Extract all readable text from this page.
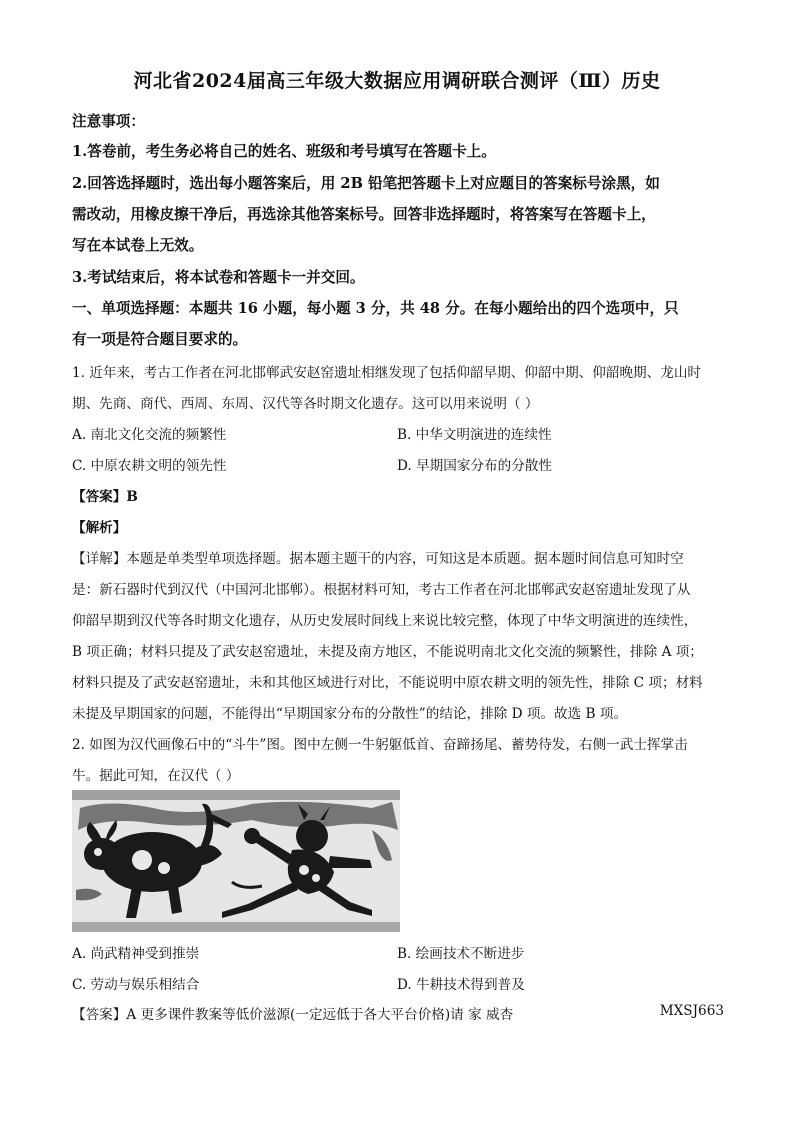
河北省2024届高三年级大数据应用调研联合测评（Ⅲ）历史
注意事项：
1.答卷前，考生务必将自己的姓名、班级和考号填写在答题卡上。
2.回答选择题时，选出每小题答案后，用 2B 铅笔把答题卡上对应题目的答案标号涂黑，如
需改动，用橡皮擦干净后，再选涂其他答案标号。回答非选择题时，将答案写在答题卡上，
写在本试卷上无效。
3.考试结束后，将本试卷和答题卡一并交回。
一、单项选择题：本题共 16 小题，每小题 3 分，共 48 分。在每小题给出的四个选项中，只
有一项是符合题目要求的。
1. 近年来，考古工作者在河北邯郸武安赵窑遗址相继发现了包括仰韶早期、仰韶中期、仰韶晚期、龙山时
期、先商、商代、西周、东周、汉代等各时期文化遗存。这可以用来说明（ ）
A. 南北文化交流的频繁性	B. 中华文明演进的连续性
C. 中原农耕文明的领先性	D. 早期国家分布的分散性
【答案】B
【解析】
【详解】本题是单类型单项选择题。据本题主题干的内容，可知这是本质题。据本题时间信息可知时空
是：新石器时代到汉代（中国河北邯郸）。根据材料可知，考古工作者在河北邯郸武安赵窑遗址发现了从
仰韶早期到汉代等各时期文化遗存，从历史发展时间线上来说比较完整，体现了中华文明演进的连续性，
B 项正确；材料只提及了武安赵窑遗址，未提及南方地区，不能说明南北文化交流的频繁性，排除 A 项；
材料只提及了武安赵窑遗址，未和其他区域进行对比，不能说明中原农耕文明的领先性，排除 C 项；材料
未提及早期国家的问题，不能得出“早期国家分布的分散性”的结论，排除 D 项。故选 B 项。
2. 如图为汉代画像石中的“斗牛”图。图中左侧一牛躬躯低首、奋蹄扬尾、蓄势待发，右侧一武士挥掌击
牛。据此可知，在汉代（ ）
A. 尚武精神受到推崇	B. 绘画技术不断进步
C. 劳动与娱乐相结合	D. 牛耕技术得到普及
【答案】A 更多课件教案等低价滋源(一定远低于各大平台价格)请 家 威杏	MXSJ663
